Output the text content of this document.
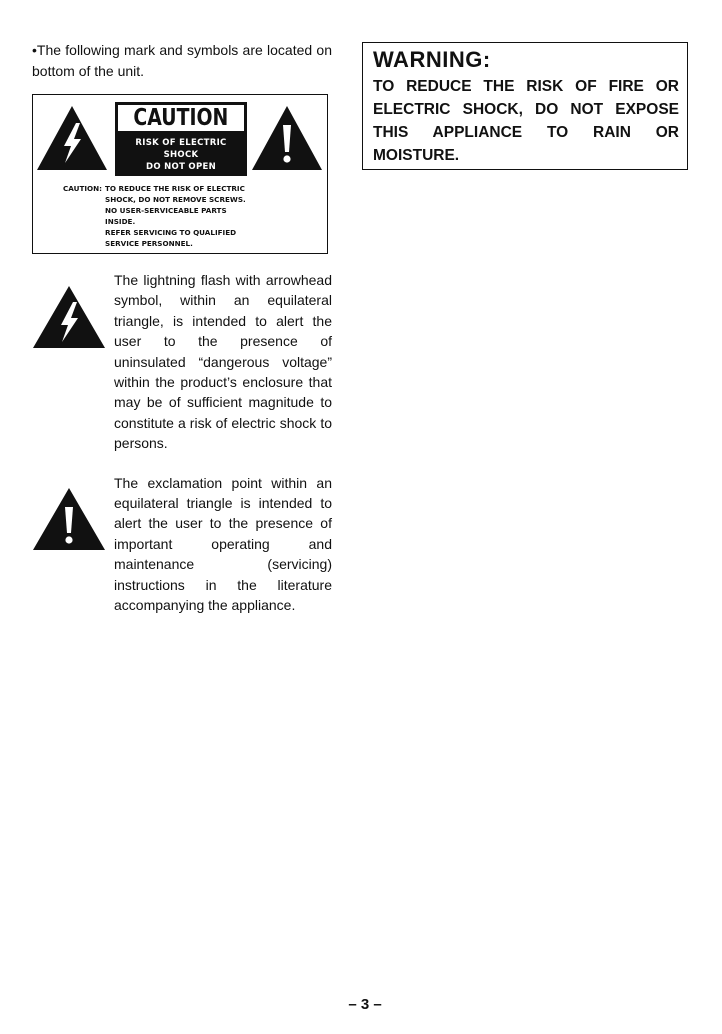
•The following mark and symbols are located on bottom of the unit.

CAUTION
RISK OF ELECTRIC SHOCK
DO NOT OPEN
CAUTION: TO REDUCE THE RISK OF ELECTRIC
SHOCK, DO NOT REMOVE SCREWS.
NO USER-SERVICEABLE PARTS
INSIDE.
REFER SERVICING TO QUALIFIED
SERVICE PERSONNEL.
The lightning flash with arrowhead symbol, within an equilateral triangle, is intended to alert the user to the presence of uninsulated “dangerous voltage” within the product’s enclosure that may be of sufficient magnitude to constitute a risk of electric shock to persons.
The exclamation point within an equilateral triangle is intended to alert the user to the presence of important operating and maintenance (servicing) instructions in the literature accompanying the appliance.
WARNING:
TO REDUCE THE RISK OF FIRE OR ELECTRIC SHOCK, DO NOT EXPOSE THIS APPLIANCE TO RAIN OR MOISTURE.
– 3 –
